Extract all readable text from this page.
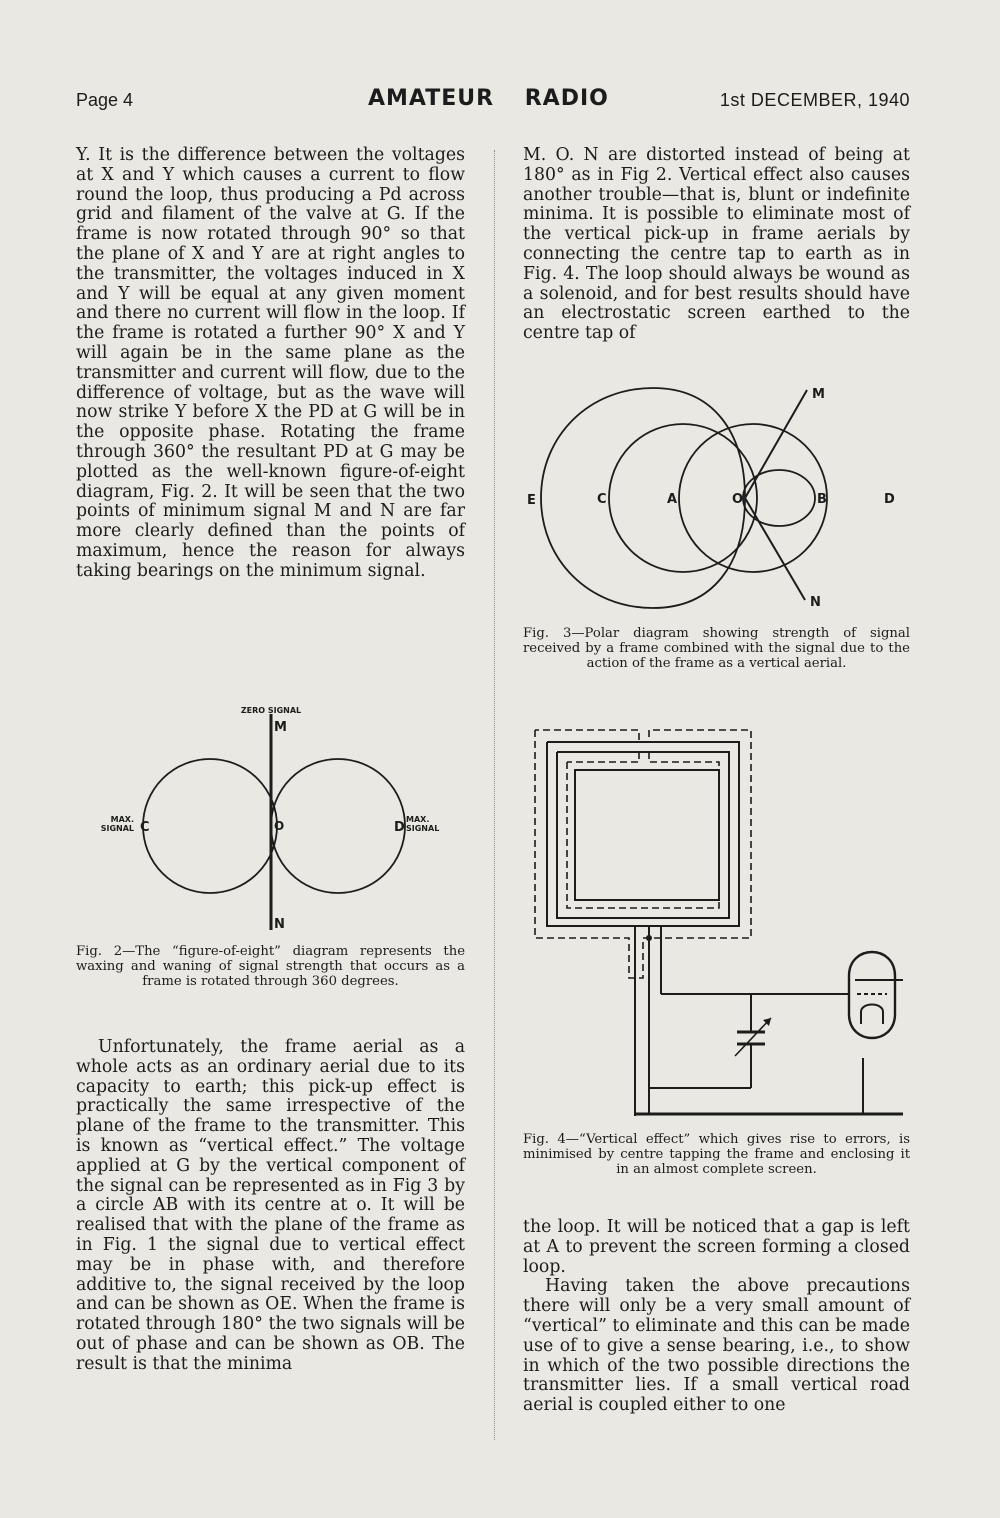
Page 4	AMATEUR RADIO	1st DECEMBER, 1940

Y. It is the difference between the voltages at X and Y which causes a current to flow round the loop, thus producing a Pd across grid and filament of the valve at G. If the frame is now rotated through 90° so that the plane of X and Y are at right angles to the transmitter, the voltages induced in X and Y will be equal at any given moment and there no current will flow in the loop. If the frame is rotated a further 90° X and Y will again be in the same plane as the transmitter and current will flow, due to the difference of voltage, but as the wave will now strike Y before X the PD at G will be in the opposite phase. Rotating the frame through 360° the resultant PD at G may be plotted as the well-known figure-of-eight diagram, Fig. 2. It will be seen that the two points of minimum signal M and N are far more clearly defined than the points of maximum, hence the reason for always taking bearings on the minimum signal.

ZERO SIGNAL
M
N
O
C	D
MAX.
SIGNAL
MAX.
SIGNAL
Fig. 2—The “figure-of-eight” diagram represents the waxing and waning of signal strength that occurs as a frame is rotated through 360 degrees.

Unfortunately, the frame aerial as a whole acts as an ordinary aerial due to its capacity to earth; this pick-up effect is practically the same irrespective of the plane of the frame to the transmitter. This is known as “vertical effect.” The voltage applied at G by the vertical component of the signal can be represented as in Fig 3 by a circle AB with its centre at o. It will be realised that with the plane of the frame as in Fig. 1 the signal due to vertical effect may be in phase with, and therefore additive to, the signal received by the loop and can be shown as OE. When the frame is rotated through 180° the two signals will be out of phase and can be shown as OB. The result is that the minima

M. O. N are distorted instead of being at 180° as in Fig 2. Vertical effect also causes another trouble—that is, blunt or indefinite minima. It is possible to eliminate most of the vertical pick-up in frame aerials by connecting the centre tap to earth as in Fig. 4. The loop should always be wound as a solenoid, and for best results should have an electrostatic screen earthed to the centre tap of

M
N
E	C	A	O	B	D
Fig. 3—Polar diagram showing strength of signal received by a frame combined with the signal due to the action of the frame as a vertical aerial.
Fig. 4—“Vertical effect” which gives rise to errors, is minimised by centre tapping the frame and enclosing it in an almost complete screen.

the loop. It will be noticed that a gap is left at A to prevent the screen forming a closed loop.

Having taken the above precautions there will only be a very small amount of “vertical” to eliminate and this can be made use of to give a sense bearing, i.e., to show in which of the two possible directions the transmitter lies. If a small vertical road aerial is coupled either to one
